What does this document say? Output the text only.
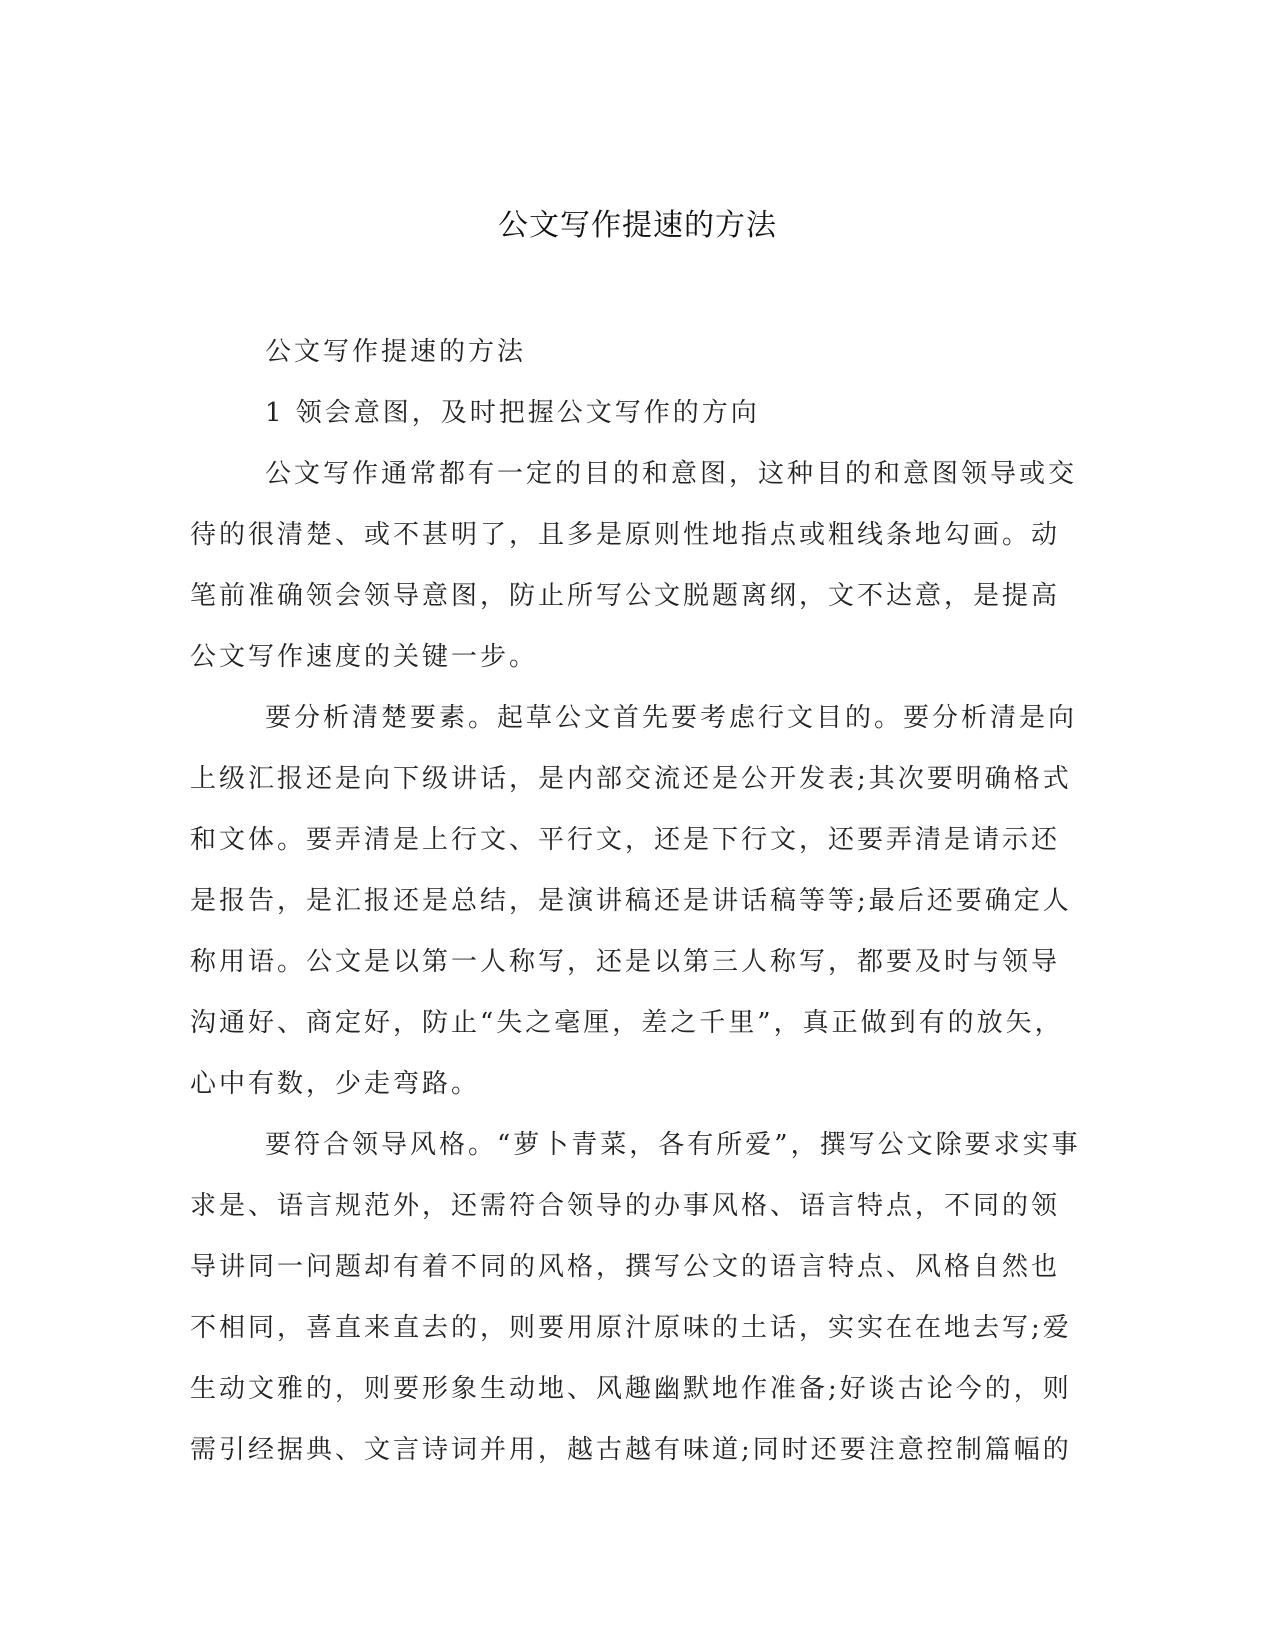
公文写作提速的方法
公文写作提速的方法
1 领会意图，及时把握公文写作的方向
公文写作通常都有一定的目的和意图，这种目的和意图领导或交
待的很清楚、或不甚明了，且多是原则性地指点或粗线条地勾画。动
笔前准确领会领导意图，防止所写公文脱题离纲，文不达意，是提高
公文写作速度的关键一步。
要分析清楚要素。起草公文首先要考虑行文目的。要分析清是向
上级汇报还是向下级讲话，是内部交流还是公开发表;其次要明确格式
和文体。要弄清是上行文、平行文，还是下行文，还要弄清是请示还
是报告，是汇报还是总结，是演讲稿还是讲话稿等等;最后还要确定人
称用语。公文是以第一人称写，还是以第三人称写，都要及时与领导
沟通好、商定好，防止“失之毫厘，差之千里”，真正做到有的放矢，
心中有数，少走弯路。
要符合领导风格。“萝卜青菜，各有所爱”，撰写公文除要求实事
求是、语言规范外，还需符合领导的办事风格、语言特点，不同的领
导讲同一问题却有着不同的风格，撰写公文的语言特点、风格自然也
不相同，喜直来直去的，则要用原汁原味的土话，实实在在地去写;爱
生动文雅的，则要形象生动地、风趣幽默地作准备;好谈古论今的，则
需引经据典、文言诗词并用，越古越有味道;同时还要注意控制篇幅的
